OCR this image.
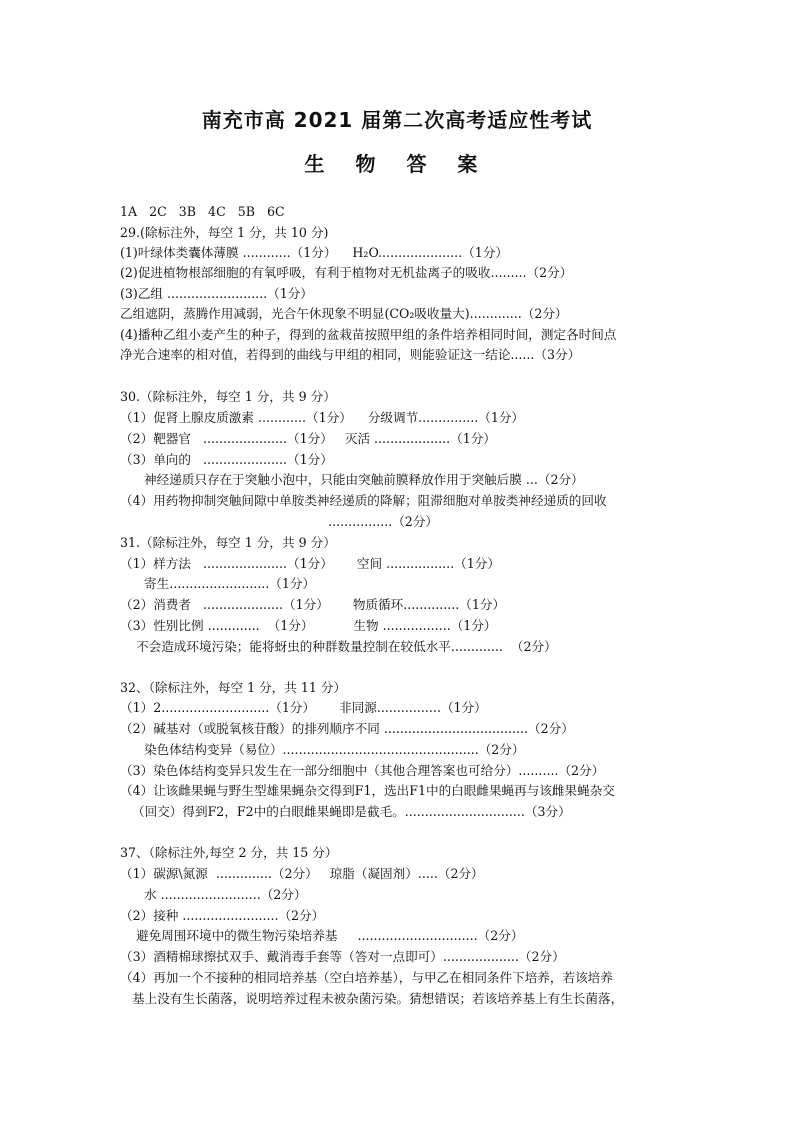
南充市高 2021 届第二次高考适应性考试
生 物 答 案
1A   2C   3B   4C   5B   6C
29.(除标注外，每空 1 分，共 10 分)
(1)叶绿体类囊体薄膜 ............（1分）    H₂O.....................（1分）
(2)促进植物根部细胞的有氧呼吸，有利于植物对无机盐离子的吸收.........（2分）
(3)乙组 .........................（1分）
乙组遮阴，蒸腾作用减弱，光合午休现象不明显(CO₂吸收量大).............（2分）
(4)播种乙组小麦产生的种子，得到的盆栽苗按照甲组的条件培养相同时间，测定各时间点
净光合速率的相对值，若得到的曲线与甲组的相同，则能验证这一结论......（3分）
30.（除标注外，每空 1 分，共 9 分）
（1）促肾上腺皮质激素 ............（1分）    分级调节...............（1分）
（2）靶器官   .....................（1分）   灭活 ...................（1分）
（3）单向的   .....................（1分）
神经递质只存在于突触小泡中，只能由突触前膜释放作用于突触后膜 ...（2分）
（4）用药物抑制突触间隙中单胺类神经递质的降解；阻滞细胞对单胺类神经递质的回收
................（2分）
31.（除标注外，每空 1 分，共 9 分）
（1）样方法   .....................（1分）      空间 .................（1分）
寄生.........................（1分）
（2）消费者   ....................（1分）      物质循环..............（1分）
（3）性别比例 .............  （1分）          生物 .................（1分）
不会造成环境污染；能将蚜虫的种群数量控制在较低水平.............  （2分）
32、（除标注外，每空 1 分，共 11 分）
（1）2...........................（1分）      非同源................（1分）
（2）碱基对（或脱氧核苷酸）的排列顺序不同 ....................................（2分）
染色体结构变异（易位）.................................................（2分）
（3）染色体结构变异只发生在一部分细胞中（其他合理答案也可给分）..........（2分）
（4）让该雌果蝇与野生型雄果蝇杂交得到F1，选出F1中的白眼雌果蝇再与该雌果蝇杂交
（回交）得到F2，F2中的白眼雌果蝇即是截毛。..............................（3分）
37、（除标注外,每空 2 分，共 15 分）
（1）碳源\氮源  ..............（2分）   琼脂（凝固剂）.....（2分）
水 .........................（2分）
（2）接种 ........................（2分）
避免周围环境中的微生物污染培养基     ..............................（2分）
（3）酒精棉球擦拭双手、戴消毒手套等（答对一点即可）...................（2分）
（4）再加一个不接种的相同培养基（空白培养基），与甲乙在相同条件下培养，若该培养
基上没有生长菌落，说明培养过程未被杂菌污染。猜想错误；若该培养基上有生长菌落，
